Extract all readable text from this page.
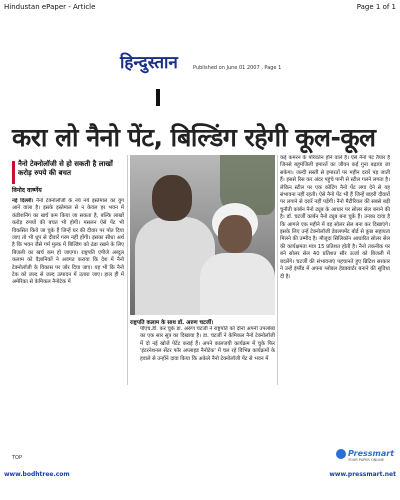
Hindustan ePaper - Article	Page 1 of 1
हिन्दुस्तान	Published on June 01 2007 , Page 1
करा लो नैनो पेंट, बिल्डिंग रहेगी कूल-कूल
नैनो टेक्नोलॉजी से हो सकती है लाखों करोड़ रुपये की बचत
विनोद वार्ष्णेय
नई दिल्ली। नैनो टेक्नोलॉजी के नये नये इस्तेमाल का युग आने वाला है। इसके इस्तेमाल से न केवल हर भवन में कंडीशनिंग का खर्च कम किया जा सकता है, बल्कि लाखों करोड़ रुपयों की बचत भी होगी। मसलन ऐसे पेंट भी विकसित किये जा चुके हैं जिन्हें घर की दीवार पर पोत दिया जाए तो भी धूप से दीवारें गरम नहीं होंगी। इसका सीधा अर्थ है कि भवन जैसे गर्म मुल्क में बिल्डिंग को ठंडा रखने के लिए बिजली का खर्च कम हो जाएगा। राष्ट्रपति एपीजे अब्दुल कलाम को वैज्ञानिकों ने अवगत कराया कि देश में नैनो टेक्नोलॉजी के विकास पर जोर दिया जाए। यह भी कि नैनो टेक को जल्द से जल्द उत्पादन में उतारा जाए। हाल ही में अमेरिका से केमिकल नैनोटेक में
राष्ट्रपति कलाम के साथ डॉ. अरुण चटर्जी।
पीएच.डी. कर चुके डा. अरुण चटर्जी ने राष्ट्रपति को दोनों अपनी उपलब्धि का एक सार सूत्र का दिखाया है। डा. चटर्जी ने केमिकल नैनो टेक्नोलॉजी में दो नई खोजें पेटेंट कराई हैं। अपने कालजयी कार्यक्रम में चुके फिर 'इंटरनेशनल सेंटर फॉर अप्लाइड नैनोटेक' में चल रहे विभिन्न कार्यक्रमों के हवाले से उन्होंने दावा किया कि अकेले नैनो टेक्नोलॉजी पेंट से भवन में
कई कमरन के परिवर्तन होने वाले हैं। ऐसे नैनो पेंट तैयार हैं जिनसे बहुमंजिली इमारतें का जीवन कई गुना बढ़ाया जा सकेगा। जल्दी सस्ती से इमारतों पर महीन दरारें पड़ जाती हैं। इससे रिस कर अंदर पहुंचे पानी से स्टील गलने लगता है। लेकिन स्टील पर एक कोटिंग नैनो पेंट लगा देने से यह संभावना नहीं रहती। ऐसे नैनो पेंट भी हैं जिन्हें बाहरी दीवारों पर लगाने से दरारें नहीं पड़ेंगी। नैनो मैटीरियल की सबसे बड़ी चुनौती कार्बन नैनो ट्यूब के आधार पर सोलर सेल बनाने की है। डॉ. चटर्जी कार्बन नैनो ट्यूब बना चुके हैं। उनका दावा है कि आगले एक महीने में वह सोलर सेल बना कर दिखाएंगे। इसके लिए उन्हें टेक्नोलॉजी डेवलपमेंट बोर्ड से कुछ सहायता मिलने की उम्मीद है। मौजूदा सिलिकॉन आधारित सोलर सेल की कार्यक्षमता मात्र 15 प्रतिशत होती है। नैनो तकनीक पर बने सोलर सेल 40 प्रतिशत सौर ऊर्जा को बिजली में बदलेंगे। चटर्जी की संभावनाएं पहचानते हुए ब्रिटिश सरकार ने उन्हें इंग्लैंड में अपना ग्लोबल हेडक्वार्टर बनाने की सुविधा दी है।
TOP	Pressmart
YOUR PAPER ONLINE
www.bodhtree.com	www.pressmart.net
